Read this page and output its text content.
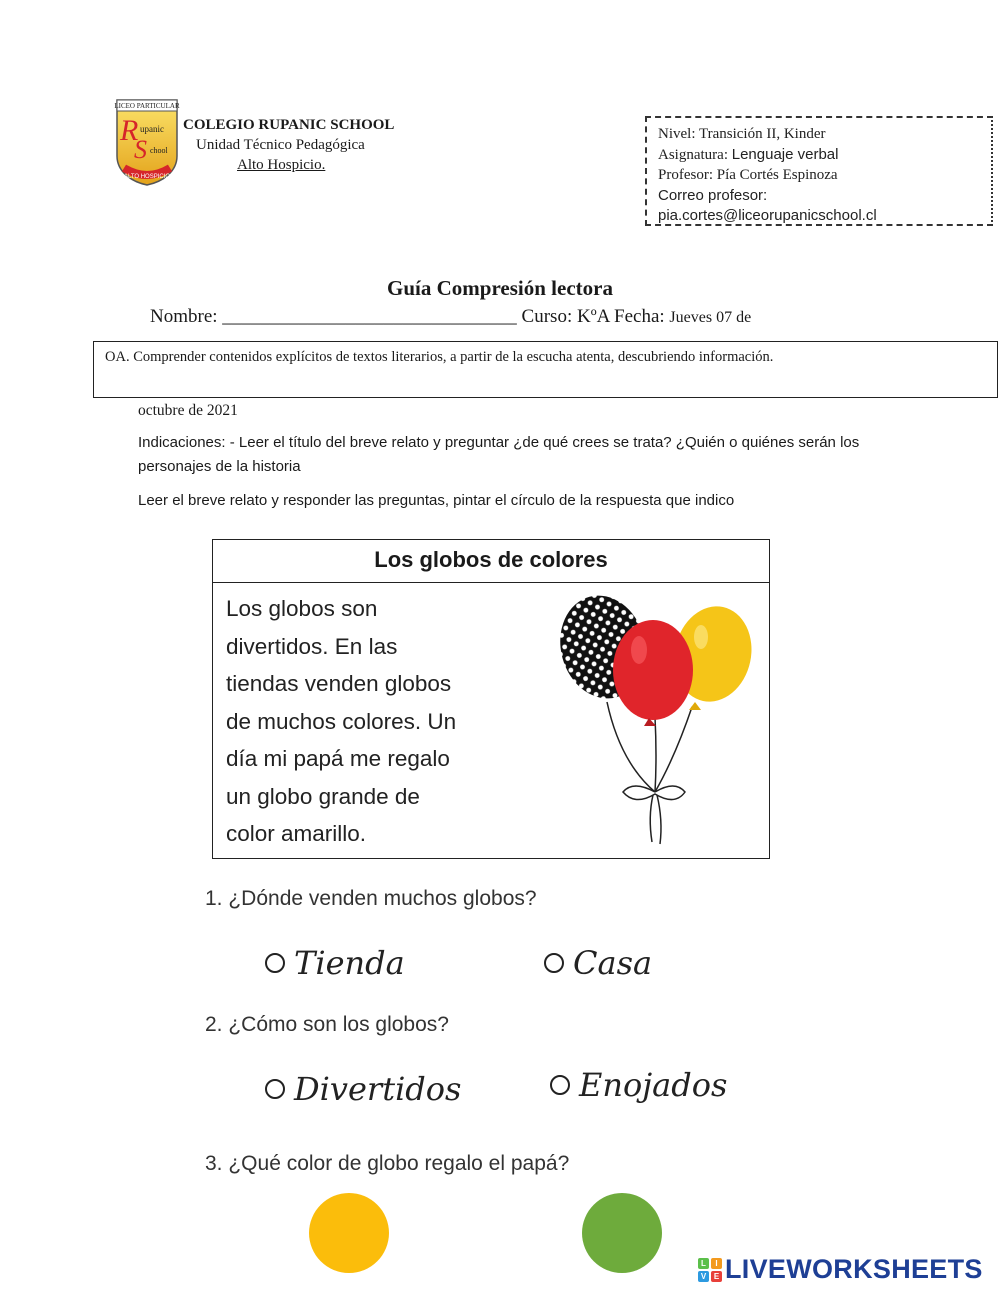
LICEO PARTICULAR
R upanic
S chool
ALTO HOSPICIO
COLEGIO RUPANIC SCHOOL
Unidad Técnico Pedagógica
Alto Hospicio.
Nivel: Transición II, Kinder
Asignatura: Lenguaje verbal
Profesor: Pía Cortés Espinoza
Correo profesor:
pia.cortes@liceorupanicschool.cl
Guía Compresión lectora
Nombre: _______________________________ Curso: KºA Fecha: Jueves 07 de
OA. Comprender contenidos explícitos de textos literarios, a partir de la escucha atenta, descubriendo información.
octubre de 2021
Indicaciones: - Leer el título del breve relato y preguntar ¿de qué crees se trata? ¿Quién o quiénes serán los personajes de la historia
Leer el breve relato y responder las preguntas, pintar el círculo de la respuesta que indico
Los globos de colores
Los globos son
divertidos. En las
tiendas venden globos
de muchos colores. Un
día mi papá me regalo
un globo grande de
color amarillo.
1. ¿Dónde venden muchos globos?
Tienda	Casa
2. ¿Cómo son los globos?
Divertidos	Enojados
3. ¿Qué color de globo regalo el papá?
L	I
V E LIVEWORKSHEETS
